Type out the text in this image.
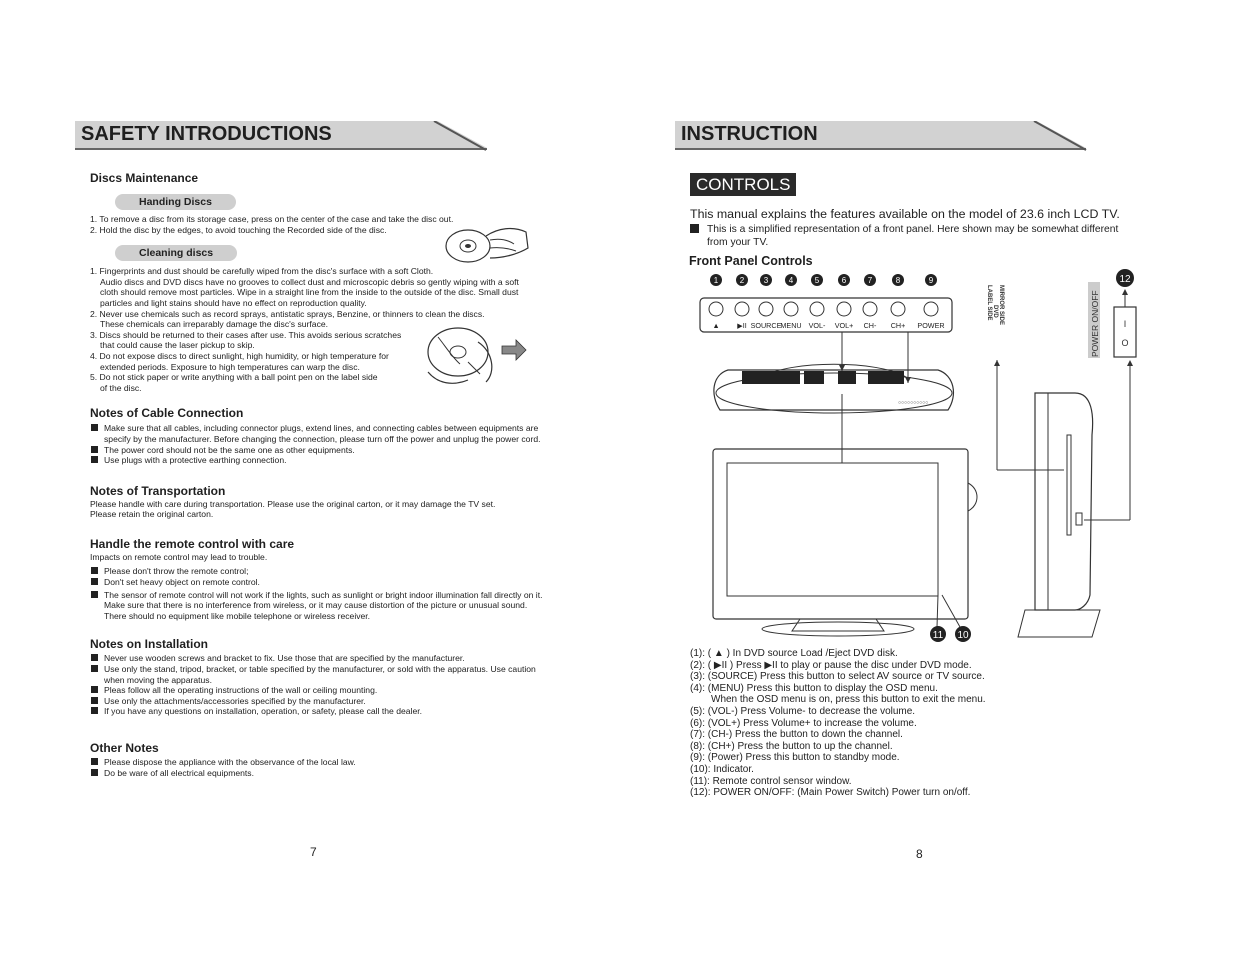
SAFETY INTRODUCTIONS	INSTRUCTION
Discs Maintenance
Handing Discs
1. To remove a disc from its storage case, press on the center of the case and take the disc out.
2. Hold the disc by the edges, to avoid touching the Recorded side of the disc.
Cleaning discs
1. Fingerprints and dust should be carefully wiped from the disc's surface with a soft Cloth.
Audio discs and DVD discs have no grooves to collect dust and microscopic debris so gently wiping with a soft
cloth should remove most particles. Wipe in a straight line from the inside to the outside of the disc. Small dust
particles and light stains should have no effect on reproduction quality.
2. Never use chemicals such as record sprays, antistatic sprays, Benzine, or thinners to clean the discs.
These chemicals can irreparably damage the disc's surface.
3. Discs should be returned to their cases after use. This avoids serious scratches
that could cause the laser pickup to skip.
4. Do not expose discs to direct sunlight, high humidity, or high temperature for
extended periods. Exposure to high temperatures can warp the disc.
5. Do not stick paper or write anything with a ball point pen on the label side
of the disc.
Notes of Cable Connection
Make sure that all cables, including connector plugs, extend lines, and connecting cables between equipments are specify by the manufacturer. Before changing the connection, please turn off the power and unplug the power cord.
The power cord should not be the same one as other equipments.
Use plugs with a protective earthing connection.
Notes of Transportation
Please handle with care during transportation. Please use the original carton, or it may damage the TV set.
Please retain the original carton.
Handle the remote control with care
Impacts on remote control may lead to trouble.
Please don't throw the remote control;
Don't set heavy object on remote control.
The sensor of remote control will not work if the lights, such as sunlight or bright indoor illumination fall directly on it. Make sure that there is no interference from wireless, or it may cause distortion of the picture or unusual sound. There should no equipment like mobile telephone or wireless receiver.
Notes on Installation
Never use wooden screws and bracket to fix. Use those that are specified by the manufacturer.
Use only the stand, tripod, bracket, or table specified by the manufacturer, or sold with the apparatus. Use caution when moving the apparatus.
Pleas follow all the operating instructions of the wall or ceiling mounting.
Use only the attachments/accessories specified by the manufacturer.
If you have any questions on installation, operation, or safety, please call the dealer.
Other Notes
Please dispose the appliance with the observance of the local law.
Do be ware of all electrical equipments.
7
CONTROLS
This manual explains the features available on the model of 23.6 inch LCD TV.
This is a simplified representation of a front panel. Here shown may be somewhat different from your TV.
Front Panel Controls
1
▲
2
▶II
3
SOURCE
4
MENU
5
VOL-
6
VOL+
7
CH-
8
CH+
9
POWER
○○○○○○○○○○
11 10
LABEL SIDE DVD MIRROR SIDE	POWER ON/OFF	I
O
12
(1): ( ▲ ) In DVD source Load /Eject DVD disk.
(2): ( ▶II ) Press ▶II to play or pause the disc under DVD mode.
(3): (SOURCE) Press this button to select AV source or TV source.
(4): (MENU) Press this button to display the OSD menu.
When the OSD menu is on, press this button to exit the menu.
(5): (VOL-) Press Volume- to decrease the volume.
(6): (VOL+) Press Volume+ to increase the volume.
(7): (CH-) Press the button to down the channel.
(8): (CH+) Press the button to up the channel.
(9): (Power) Press this button to standby mode.
(10): Indicator.
(11): Remote control sensor window.
(12): POWER ON/OFF: (Main Power Switch) Power turn on/off.
8
